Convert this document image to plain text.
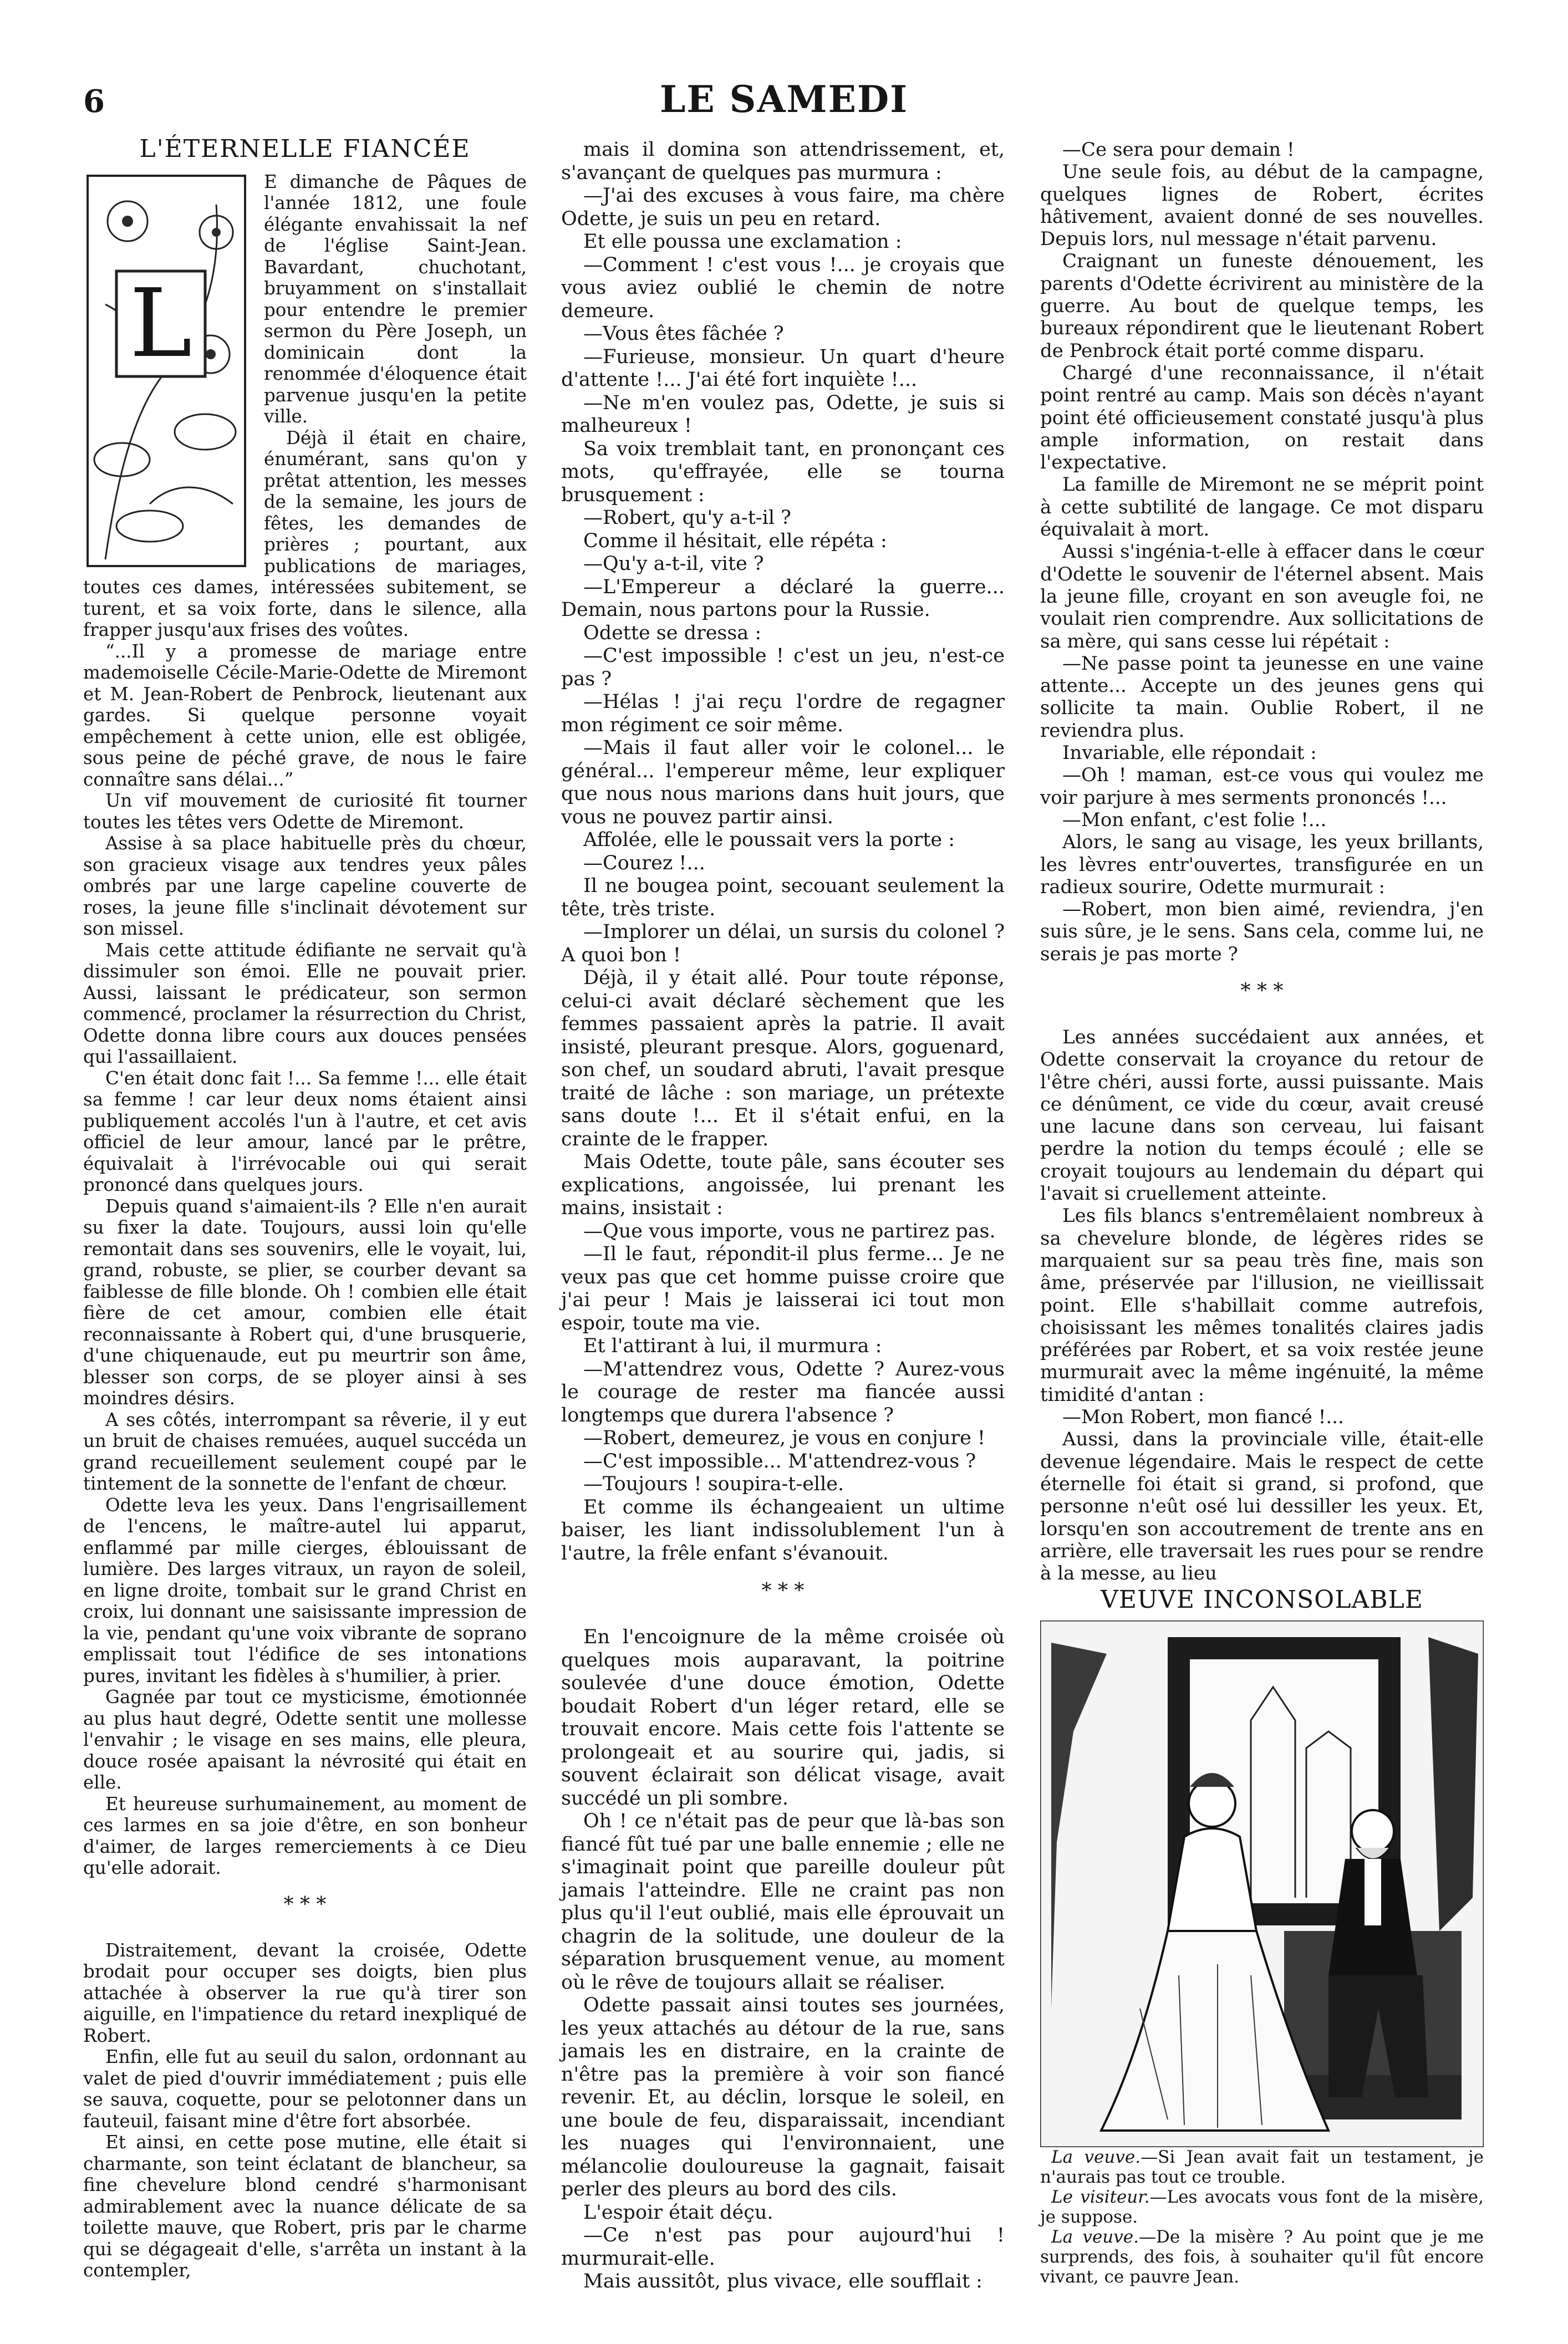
6	LE SAMEDI
L'ÉTERNELLE FIANCÉE
L

E dimanche de Pâques de l'année 1812, une foule élégante envahissait la nef de l'église Saint-Jean. Bavardant, chuchotant, bruyamment on s'installait pour entendre le premier sermon du Père Joseph, un dominicain dont la renommée d'éloquence était parvenue jusqu'en la petite ville.

Déjà il était en chaire, énumérant, sans qu'on y prêtat attention, les messes de la semaine, les jours de fêtes, les demandes de prières ; pourtant, aux publications de mariages, toutes ces dames, intéressées subitement, se turent, et sa voix forte, dans le silence, alla frapper jusqu'aux frises des voûtes.

“...Il y a promesse de mariage entre mademoiselle Cécile-Marie-Odette de Miremont et M. Jean-Robert de Penbrock, lieutenant aux gardes. Si quelque personne voyait empêchement à cette union, elle est obligée, sous peine de péché grave, de nous le faire connaître sans délai...”

Un vif mouvement de curiosité fit tourner toutes les têtes vers Odette de Miremont.

Assise à sa place habituelle près du chœur, son gracieux visage aux tendres yeux pâles ombrés par une large capeline couverte de roses, la jeune fille s'inclinait dévotement sur son missel.

Mais cette attitude édifiante ne servait qu'à dissimuler son émoi. Elle ne pouvait prier. Aussi, laissant le prédicateur, son sermon commencé, proclamer la résurrection du Christ, Odette donna libre cours aux douces pensées qui l'assaillaient.

C'en était donc fait !... Sa femme !... elle était sa femme ! car leur deux noms étaient ainsi publiquement accolés l'un à l'autre, et cet avis officiel de leur amour, lancé par le prêtre, équivalait à l'irrévocable oui qui serait prononcé dans quelques jours.

Depuis quand s'aimaient-ils ? Elle n'en aurait su fixer la date. Toujours, aussi loin qu'elle remontait dans ses souvenirs, elle le voyait, lui, grand, robuste, se plier, se courber devant sa faiblesse de fille blonde. Oh ! combien elle était fière de cet amour, combien elle était reconnaissante à Robert qui, d'une brusquerie, d'une chiquenaude, eut pu meurtrir son âme, blesser son corps, de se ployer ainsi à ses moindres désirs.

A ses côtés, interrompant sa rêverie, il y eut un bruit de chaises remuées, auquel succéda un grand recueillement seulement coupé par le tintement de la sonnette de l'enfant de chœur.

Odette leva les yeux. Dans l'engrisaillement de l'encens, le maître-autel lui apparut, enflammé par mille cierges, éblouissant de lumière. Des larges vitraux, un rayon de soleil, en ligne droite, tombait sur le grand Christ en croix, lui donnant une saisissante impression de la vie, pendant qu'une voix vibrante de soprano emplissait tout l'édifice de ses intonations pures, invitant les fidèles à s'humilier, à prier.

Gagnée par tout ce mysticisme, émotionnée au plus haut degré, Odette sentit une mollesse l'envahir ; le visage en ses mains, elle pleura, douce rosée apaisant la névrosité qui était en elle.

Et heureuse surhumainement, au moment de ces larmes en sa joie d'être, en son bonheur d'aimer, de larges remerciements à ce Dieu qu'elle adorait.

* * *

Distraitement, devant la croisée, Odette brodait pour occuper ses doigts, bien plus attachée à observer la rue qu'à tirer son aiguille, en l'impatience du retard inexpliqué de Robert.

Enfin, elle fut au seuil du salon, ordonnant au valet de pied d'ouvrir immédiatement ; puis elle se sauva, coquette, pour se pelotonner dans un fauteuil, faisant mine d'être fort absorbée.

Et ainsi, en cette pose mutine, elle était si charmante, son teint éclatant de blancheur, sa fine chevelure blond cendré s'harmonisant admirablement avec la nuance délicate de sa toilette mauve, que Robert, pris par le charme qui se dégageait d'elle, s'arrêta un instant à la contempler,

mais il domina son attendrissement, et, s'avançant de quelques pas murmura :

—J'ai des excuses à vous faire, ma chère Odette, je suis un peu en retard.

Et elle poussa une exclamation :

—Comment ! c'est vous !... je croyais que vous aviez oublié le chemin de notre demeure.

—Vous êtes fâchée ?

—Furieuse, monsieur. Un quart d'heure d'attente !... J'ai été fort inquiète !...

—Ne m'en voulez pas, Odette, je suis si malheureux !

Sa voix tremblait tant, en prononçant ces mots, qu'effrayée, elle se tourna brusquement :

—Robert, qu'y a-t-il ?

Comme il hésitait, elle répéta :

—Qu'y a-t-il, vite ?

—L'Empereur a déclaré la guerre... Demain, nous partons pour la Russie.

Odette se dressa :

—C'est impossible ! c'est un jeu, n'est-ce pas ?

—Hélas ! j'ai reçu l'ordre de regagner mon régiment ce soir même.

—Mais il faut aller voir le colonel... le général... l'empereur même, leur expliquer que nous nous marions dans huit jours, que vous ne pouvez partir ainsi.

Affolée, elle le poussait vers la porte :

—Courez !...

Il ne bougea point, secouant seulement la tête, très triste.

—Implorer un délai, un sursis du colonel ? A quoi bon !

Déjà, il y était allé. Pour toute réponse, celui-ci avait déclaré sèchement que les femmes passaient après la patrie. Il avait insisté, pleurant presque. Alors, goguenard, son chef, un soudard abruti, l'avait presque traité de lâche : son mariage, un prétexte sans doute !... Et il s'était enfui, en la crainte de le frapper.

Mais Odette, toute pâle, sans écouter ses explications, angoissée, lui prenant les mains, insistait :

—Que vous importe, vous ne partirez pas.

—Il le faut, répondit-il plus ferme... Je ne veux pas que cet homme puisse croire que j'ai peur ! Mais je laisserai ici tout mon espoir, toute ma vie.

Et l'attirant à lui, il murmura :

—M'attendrez vous, Odette ? Aurez-vous le courage de rester ma fiancée aussi longtemps que durera l'absence ?

—Robert, demeurez, je vous en conjure !

—C'est impossible... M'attendrez-vous ?

—Toujours ! soupira-t-elle.

Et comme ils échangeaient un ultime baiser, les liant indissolublement l'un à l'autre, la frêle enfant s'évanouit.

* * *

En l'encoignure de la même croisée où quelques mois auparavant, la poitrine soulevée d'une douce émotion, Odette boudait Robert d'un léger retard, elle se trouvait encore. Mais cette fois l'attente se prolongeait et au sourire qui, jadis, si souvent éclairait son délicat visage, avait succédé un pli sombre.

Oh ! ce n'était pas de peur que là-bas son fiancé fût tué par une balle ennemie ; elle ne s'imaginait point que pareille douleur pût jamais l'atteindre. Elle ne craint pas non plus qu'il l'eut oublié, mais elle éprouvait un chagrin de la solitude, une douleur de la séparation brusquement venue, au moment où le rêve de toujours allait se réaliser.

Odette passait ainsi toutes ses journées, les yeux attachés au détour de la rue, sans jamais les en distraire, en la crainte de n'être pas la première à voir son fiancé revenir. Et, au déclin, lorsque le soleil, en une boule de feu, disparaissait, incendiant les nuages qui l'environnaient, une mélancolie douloureuse la gagnait, faisait perler des pleurs au bord des cils.

L'espoir était déçu.

—Ce n'est pas pour aujourd'hui ! murmurait-elle.

Mais aussitôt, plus vivace, elle soufflait :

—Ce sera pour demain !

Une seule fois, au début de la campagne, quelques lignes de Robert, écrites hâtivement, avaient donné de ses nouvelles. Depuis lors, nul message n'était parvenu.

Craignant un funeste dénouement, les parents d'Odette écrivirent au ministère de la guerre. Au bout de quelque temps, les bureaux répondirent que le lieutenant Robert de Penbrock était porté comme disparu.

Chargé d'une reconnaissance, il n'était point rentré au camp. Mais son décès n'ayant point été officieusement constaté jusqu'à plus ample information, on restait dans l'expectative.

La famille de Miremont ne se méprit point à cette subtilité de langage. Ce mot disparu équivalait à mort.

Aussi s'ingénia-t-elle à effacer dans le cœur d'Odette le souvenir de l'éternel absent. Mais la jeune fille, croyant en son aveugle foi, ne voulait rien comprendre. Aux sollicitations de sa mère, qui sans cesse lui répétait :

—Ne passe point ta jeunesse en une vaine attente... Accepte un des jeunes gens qui sollicite ta main. Oublie Robert, il ne reviendra plus.

Invariable, elle répondait :

—Oh ! maman, est-ce vous qui voulez me voir parjure à mes serments prononcés !...

—Mon enfant, c'est folie !...

Alors, le sang au visage, les yeux brillants, les lèvres entr'ouvertes, transfigurée en un radieux sourire, Odette murmurait :

—Robert, mon bien aimé, reviendra, j'en suis sûre, je le sens. Sans cela, comme lui, ne serais je pas morte ?

* * *

Les années succédaient aux années, et Odette conservait la croyance du retour de l'être chéri, aussi forte, aussi puissante. Mais ce dénûment, ce vide du cœur, avait creusé une lacune dans son cerveau, lui faisant perdre la notion du temps écoulé ; elle se croyait toujours au lendemain du départ qui l'avait si cruellement atteinte.

Les fils blancs s'entremêlaient nombreux à sa chevelure blonde, de légères rides se marquaient sur sa peau très fine, mais son âme, préservée par l'illusion, ne vieillissait point. Elle s'habillait comme autrefois, choisissant les mêmes tonalités claires jadis préférées par Robert, et sa voix restée jeune murmurait avec la même ingénuité, la même timidité d'antan :

—Mon Robert, mon fiancé !...

Aussi, dans la provinciale ville, était-elle devenue légendaire. Mais le respect de cette éternelle foi était si grand, si profond, que personne n'eût osé lui dessiller les yeux. Et, lorsqu'en son accoutrement de trente ans en arrière, elle traversait les rues pour se rendre à la messe, au lieu

VEUVE INCONSOLABLE

La veuve.—Si Jean avait fait un testament, je n'aurais pas tout ce trouble.

Le visiteur.—Les avocats vous font de la misère, je suppose.

La veuve.—De la misère ? Au point que je me surprends, des fois, à souhaiter qu'il fût encore vivant, ce pauvre Jean.
